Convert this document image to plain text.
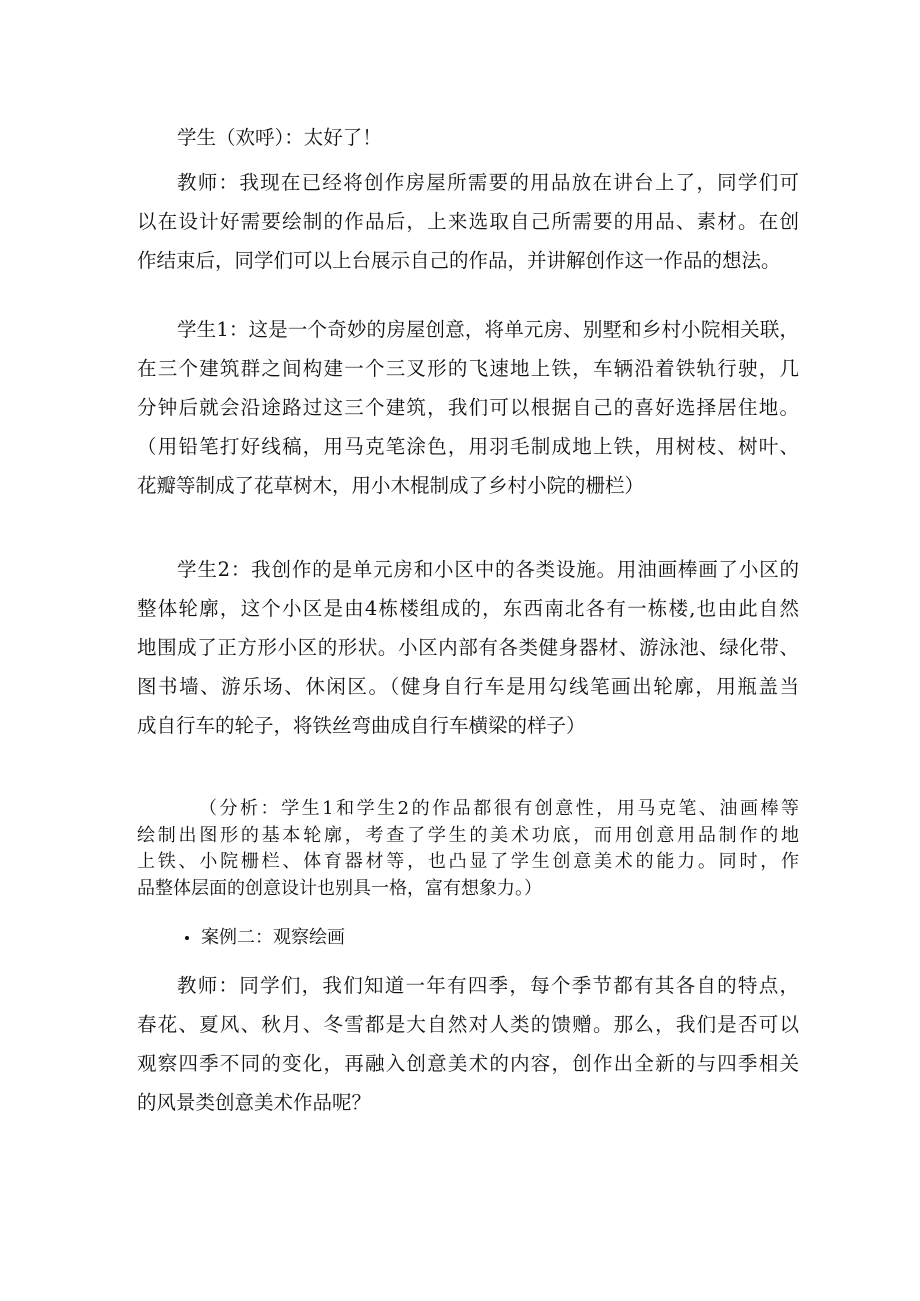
学生（欢呼）：太好了！

教师：我现在已经将创作房屋所需要的用品放在讲台上了，同学们可
以在设计好需要绘制的作品后，上来选取自己所需要的用品、素材。在创
作结束后，同学们可以上台展示自己的作品，并讲解创作这一作品的想法。

学生1：这是一个奇妙的房屋创意，将单元房、别墅和乡村小院相关联，
在三个建筑群之间构建一个三叉形的飞速地上铁，车辆沿着铁轨行驶，几
分钟后就会沿途路过这三个建筑，我们可以根据自己的喜好选择居住地。
（用铅笔打好线稿，用马克笔涂色，用羽毛制成地上铁，用树枝、树叶、
花瓣等制成了花草树木，用小木棍制成了乡村小院的栅栏）

学生2：我创作的是单元房和小区中的各类设施。用油画棒画了小区的
整体轮廓，这个小区是由4栋楼组成的，东西南北各有一栋楼,也由此自然
地围成了正方形小区的形状。小区内部有各类健身器材、游泳池、绿化带、
图书墙、游乐场、休闲区。（健身自行车是用勾线笔画出轮廓，用瓶盖当
成自行车的轮子，将铁丝弯曲成自行车横梁的样子）

（分析：学生1和学生2的作品都很有创意性，用马克笔、油画棒等
绘制出图形的基本轮廓，考查了学生的美术功底，而用创意用品制作的地
上铁、小院栅栏、体育器材等，也凸显了学生创意美术的能力。同时，作
品整体层面的创意设计也别具一格，富有想象力。）

案例二：观察绘画

教师：同学们，我们知道一年有四季，每个季节都有其各自的特点，
春花、夏风、秋月、冬雪都是大自然对人类的馈赠。那么，我们是否可以
观察四季不同的变化，再融入创意美术的内容，创作出全新的与四季相关
的风景类创意美术作品呢？
